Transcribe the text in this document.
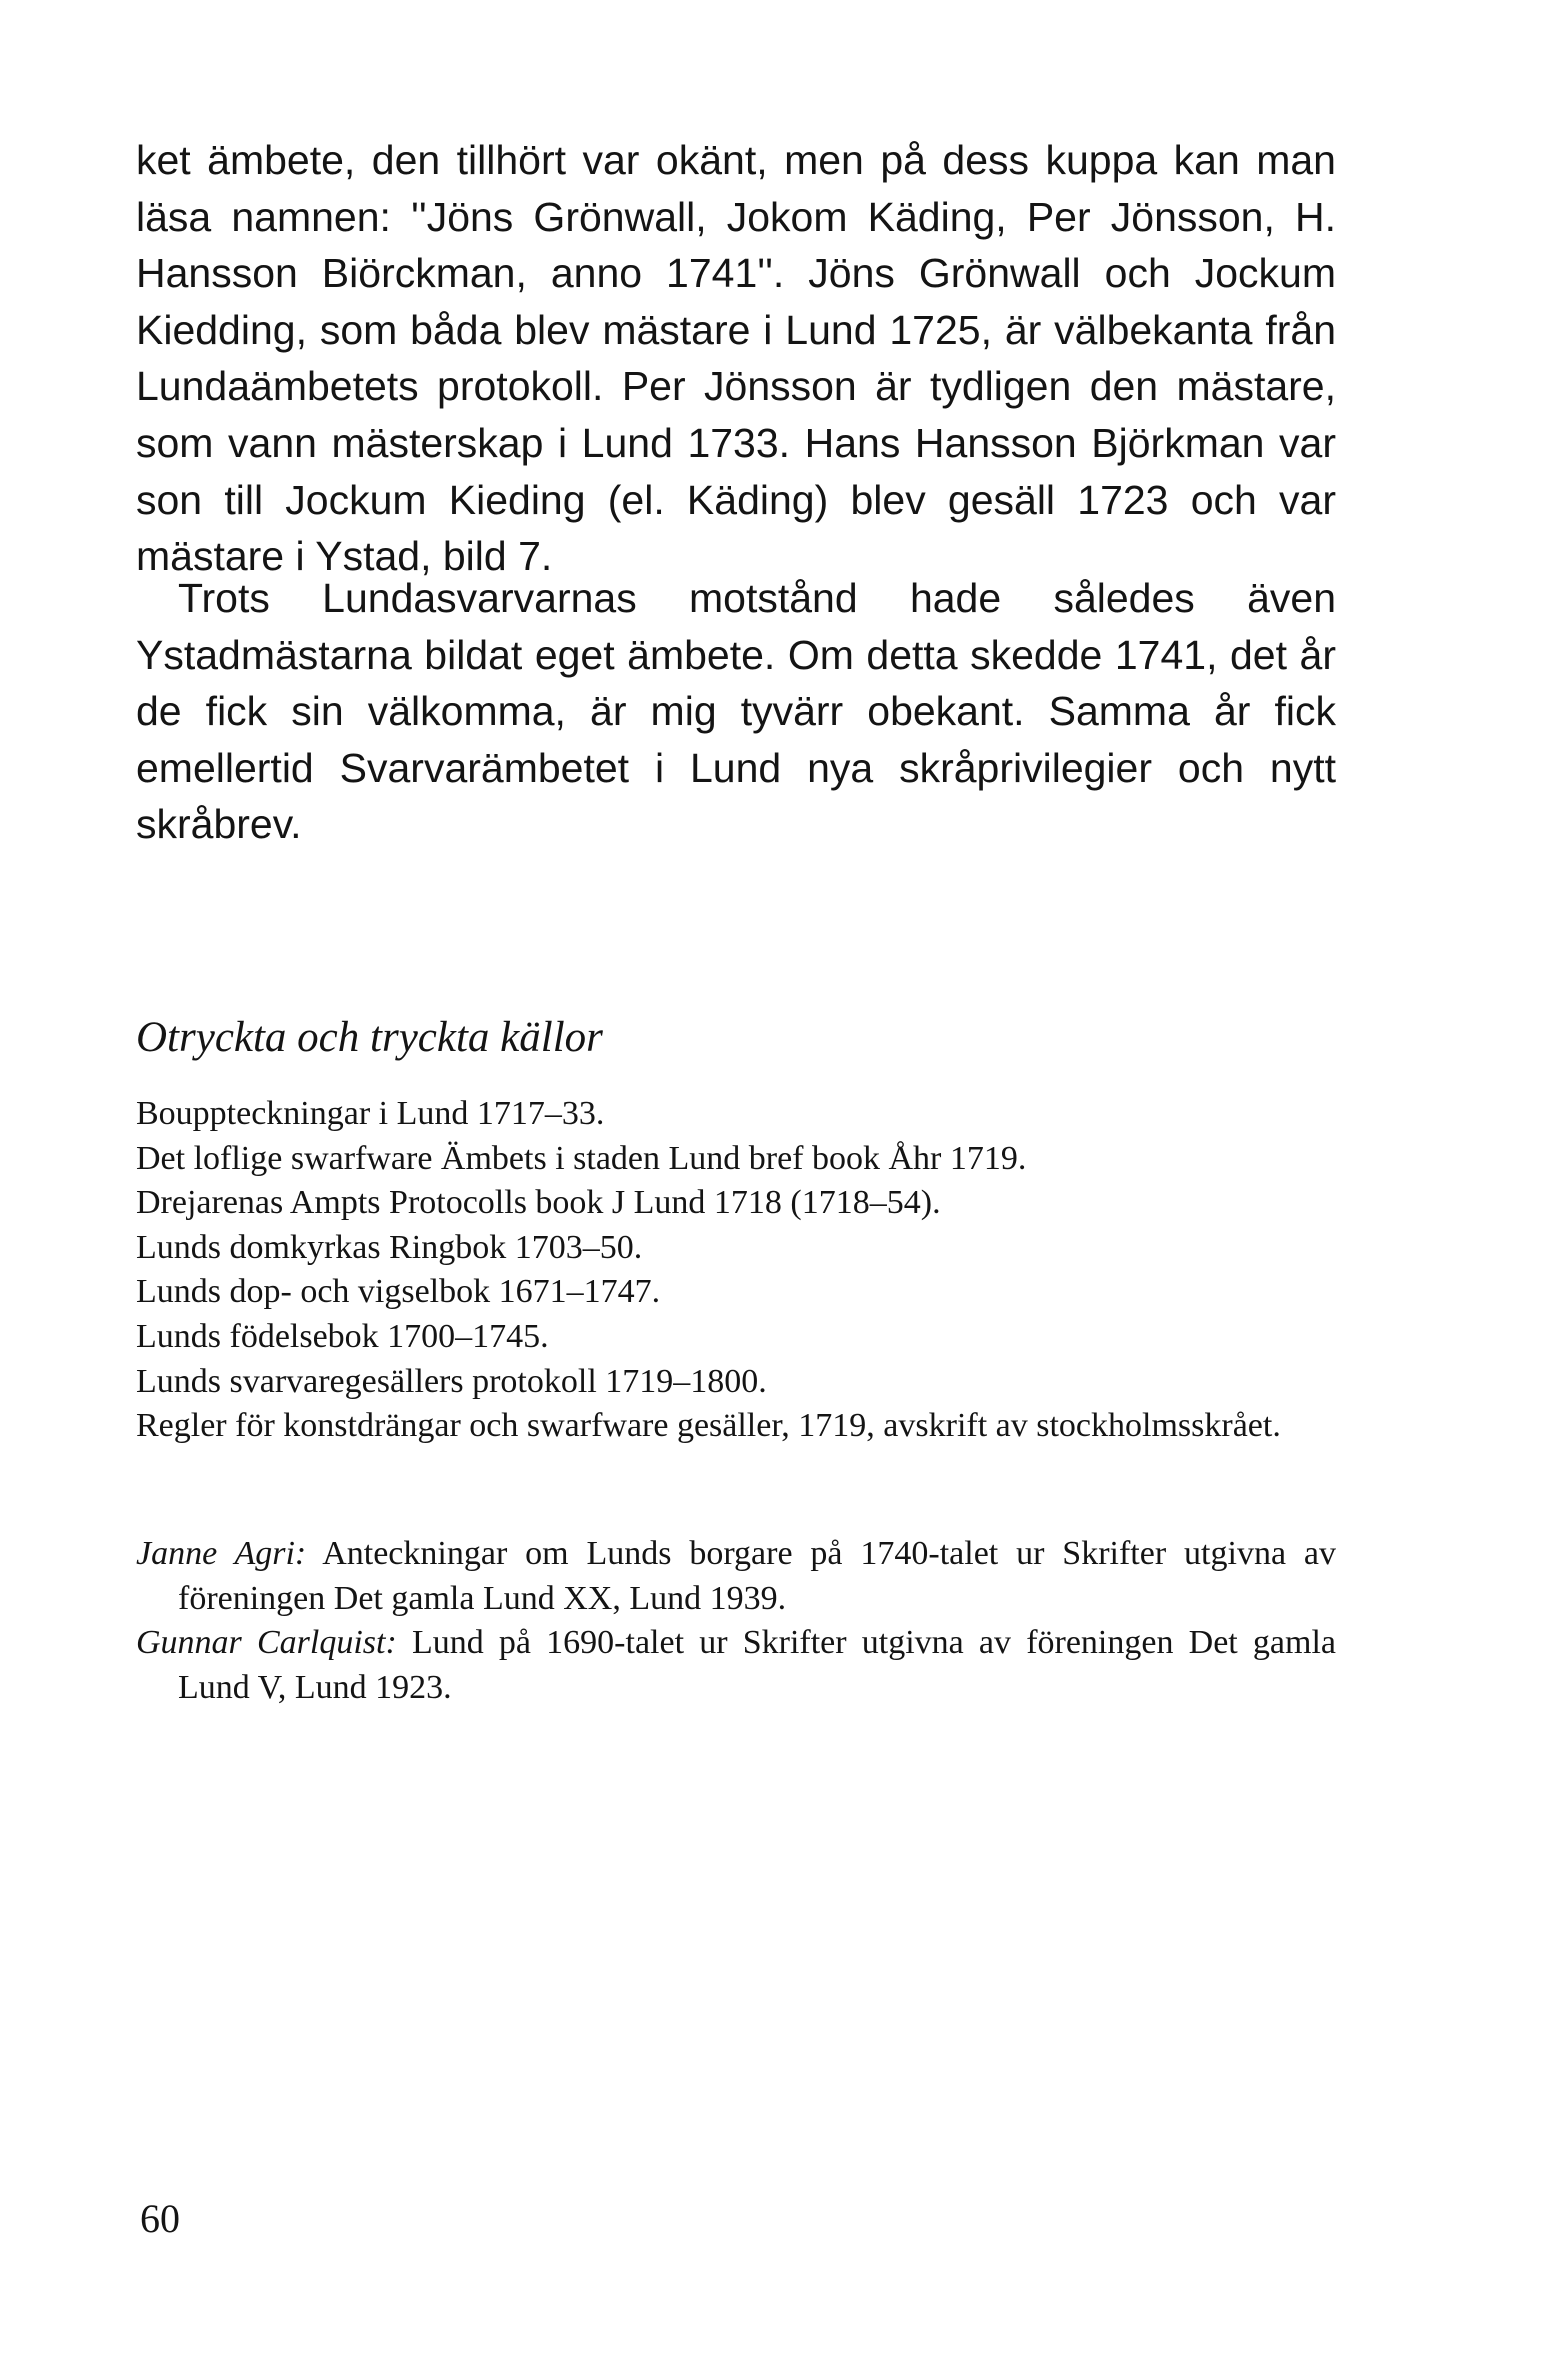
ket ämbete, den tillhört var okänt, men på dess kuppa kan man läsa namnen: ''Jöns Grönwall, Jokom Käding, Per Jönsson, H. Hansson Biörckman, anno 1741''. Jöns Grönwall och Jockum Kiedding, som båda blev mästare i Lund 1725, är välbekanta från Lundaämbetets protokoll. Per Jönsson är tydligen den mästare, som vann mästerskap i Lund 1733. Hans Hansson Björkman var son till Jockum Kieding (el. Käding) blev gesäll 1723 och var mästare i Ystad, bild 7.

Trots Lundasvarvarnas motstånd hade således även Ystadmästarna bildat eget ämbete. Om detta skedde 1741, det år de fick sin välkomma, är mig tyvärr obekant. Samma år fick emellertid Svarvarämbetet i Lund nya skråprivilegier och nytt skråbrev.

Otryckta och tryckta källor

Bouppteckningar i Lund 1717–33.

Det loflige swarfware Ämbets i staden Lund bref book Åhr 1719.

Drejarenas Ampts Protocolls book J Lund 1718 (1718–54).

Lunds domkyrkas Ringbok 1703–50.

Lunds dop- och vigselbok 1671–1747.

Lunds födelsebok 1700–1745.

Lunds svarvaregesällers protokoll 1719–1800.

Regler för konstdrängar och swarfware gesäller, 1719, avskrift av stockholmsskrået.

Janne Agri: Anteckningar om Lunds borgare på 1740-talet ur Skrifter utgivna av föreningen Det gamla Lund XX, Lund 1939.

Gunnar Carlquist: Lund på 1690-talet ur Skrifter utgivna av föreningen Det gamla Lund V, Lund 1923.

60
